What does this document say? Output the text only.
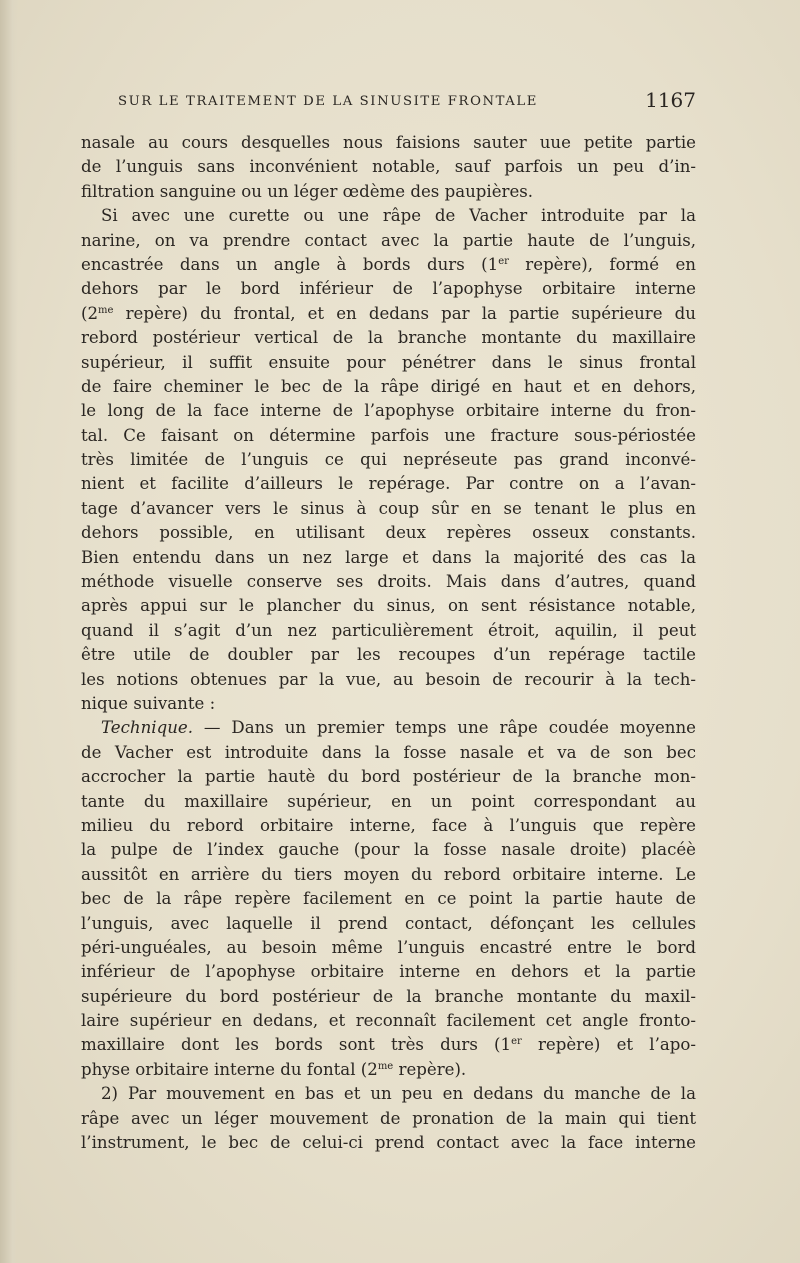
SUR LE TRAITEMENT DE LA SINUSITE FRONTALE	1167
nasale au cours desquelles nous faisions sauter uue petite partie
de l’unguis sans inconvénient notable, sauf parfois un peu d’in-
filtration sanguine ou un léger œdème des paupières.
Si avec une curette ou une râpe de Vacher introduite par la
narine, on va prendre contact avec la partie haute de l’unguis,
encastrée dans un angle à bords durs (1er repère), formé en
dehors par le bord inférieur de l’apophyse orbitaire interne
($2^{me}$ repère) du frontal, et en dedans par la partie supérieure du
rebord postérieur vertical de la branche montante du maxillaire
supérieur, il suffit ensuite pour pénétrer dans le sinus frontal
de faire cheminer le bec de la râpe dirigé en haut et en dehors,
le long de la face interne de l’apophyse orbitaire interne du fron-
tal. Ce faisant on détermine parfois une fracture sous-périostée
très limitée de l’unguis ce qui nepréseute pas grand inconvé-
nient et facilite d’ailleurs le repérage. Par contre on a l’avan-
tage d’avancer vers le sinus à coup sûr en se tenant le plus en
dehors possible, en utilisant deux repères osseux constants.
Bien entendu dans un nez large et dans la majorité des cas la
méthode visuelle conserve ses droits. Mais dans d’autres, quand
après appui sur le plancher du sinus, on sent résistance notable,
quand il s’agit d’un nez particulièrement étroit, aquilin, il peut
être utile de doubler par les recoupes d’un repérage tactile
les notions obtenues par la vue, au besoin de recourir à la tech-
nique suivante :
Technique. — Dans un premier temps une râpe coudée moyenne
de Vacher est introduite dans la fosse nasale et va de son bec
accrocher la partie hautè du bord postérieur de la branche mon-
tante du maxillaire supérieur, en un point correspondant au
milieu du rebord orbitaire interne, face à l’unguis que repère
la pulpe de l’index gauche (pour la fosse nasale droite) placéè
aussitôt en arrière du tiers moyen du rebord orbitaire interne. Le
bec de la râpe repère facilement en ce point la partie haute de
l’unguis, avec laquelle il prend contact, défonçant les cellules
péri-unguéales, au besoin même l’unguis encastré entre le bord
inférieur de l’apophyse orbitaire interne en dehors et la partie
supérieure du bord postérieur de la branche montante du maxil-
laire supérieur en dedans, et reconnaît facilement cet angle fronto-
maxillaire dont les bords sont très durs (1er repère) et l’apo-
physe orbitaire interne du fontal ($2^{me}$ repère).
2) Par mouvement en bas et un peu en dedans du manche de la
râpe avec un léger mouvement de pronation de la main qui tient
l’instrument, le bec de celui-ci prend contact avec la face interne
